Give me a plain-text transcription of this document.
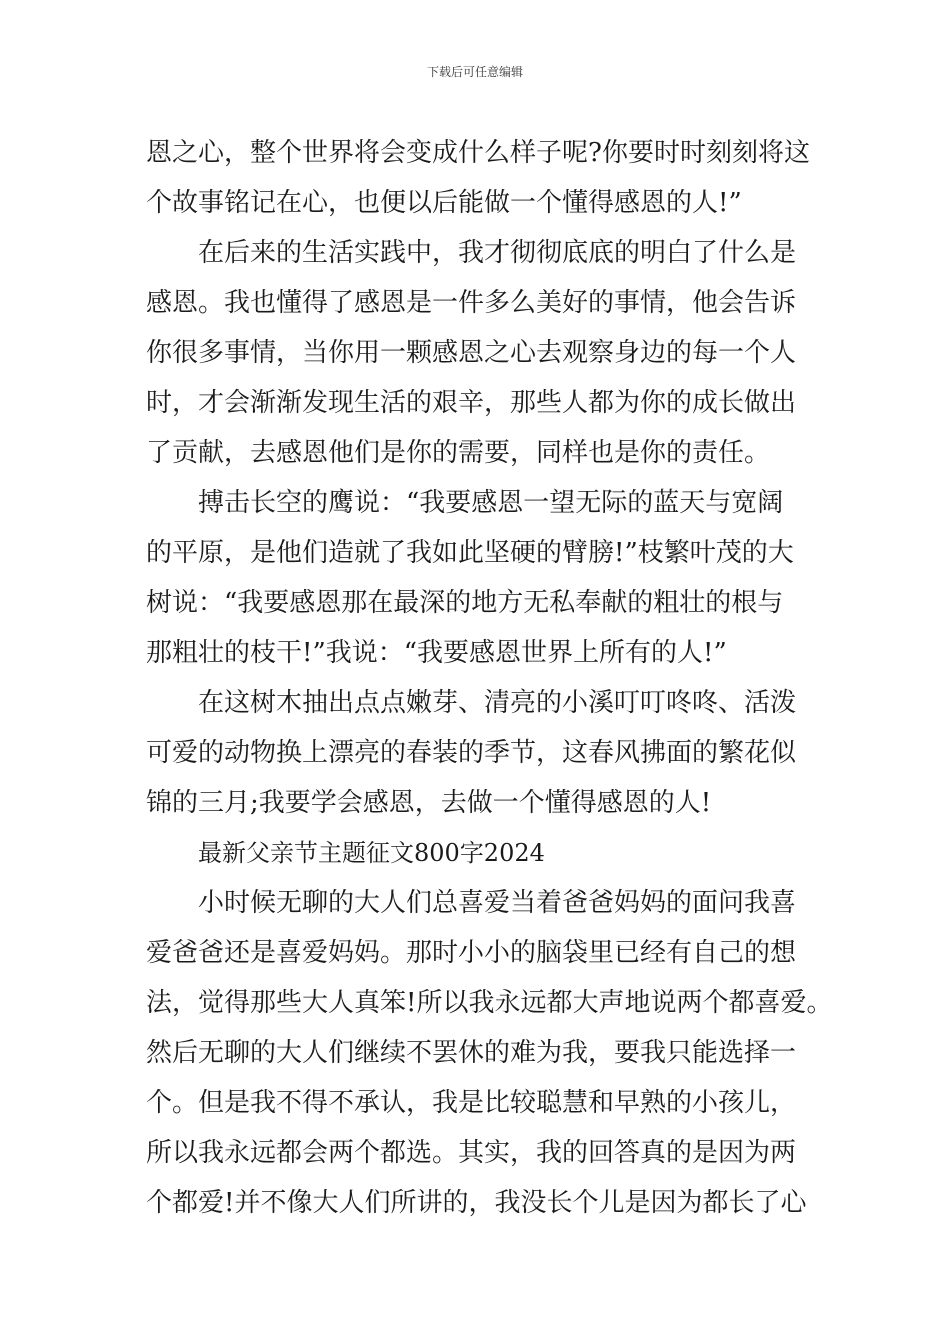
下载后可任意编辑
恩之心，整个世界将会变成什么样子呢?你要时时刻刻将这
个故事铭记在心，也便以后能做一个懂得感恩的人!”
在后来的生活实践中，我才彻彻底底的明白了什么是
感恩。我也懂得了感恩是一件多么美好的事情，他会告诉
你很多事情，当你用一颗感恩之心去观察身边的每一个人
时，才会渐渐发现生活的艰辛，那些人都为你的成长做出
了贡献，去感恩他们是你的需要，同样也是你的责任。
搏击长空的鹰说：“我要感恩一望无际的蓝天与宽阔
的平原，是他们造就了我如此坚硬的臂膀!”枝繁叶茂的大
树说：“我要感恩那在最深的地方无私奉献的粗壮的根与
那粗壮的枝干!”我说：“我要感恩世界上所有的人!”
在这树木抽出点点嫩芽、清亮的小溪叮叮咚咚、活泼
可爱的动物换上漂亮的春装的季节，这春风拂面的繁花似
锦的三月;我要学会感恩，去做一个懂得感恩的人!
最新父亲节主题征文800字2024
小时候无聊的大人们总喜爱当着爸爸妈妈的面问我喜
爱爸爸还是喜爱妈妈。那时小小的脑袋里已经有自己的想
法，觉得那些大人真笨!所以我永远都大声地说两个都喜爱。
然后无聊的大人们继续不罢休的难为我，要我只能选择一
个。但是我不得不承认，我是比较聪慧和早熟的小孩儿，
所以我永远都会两个都选。其实，我的回答真的是因为两
个都爱!并不像大人们所讲的，我没长个儿是因为都长了心
